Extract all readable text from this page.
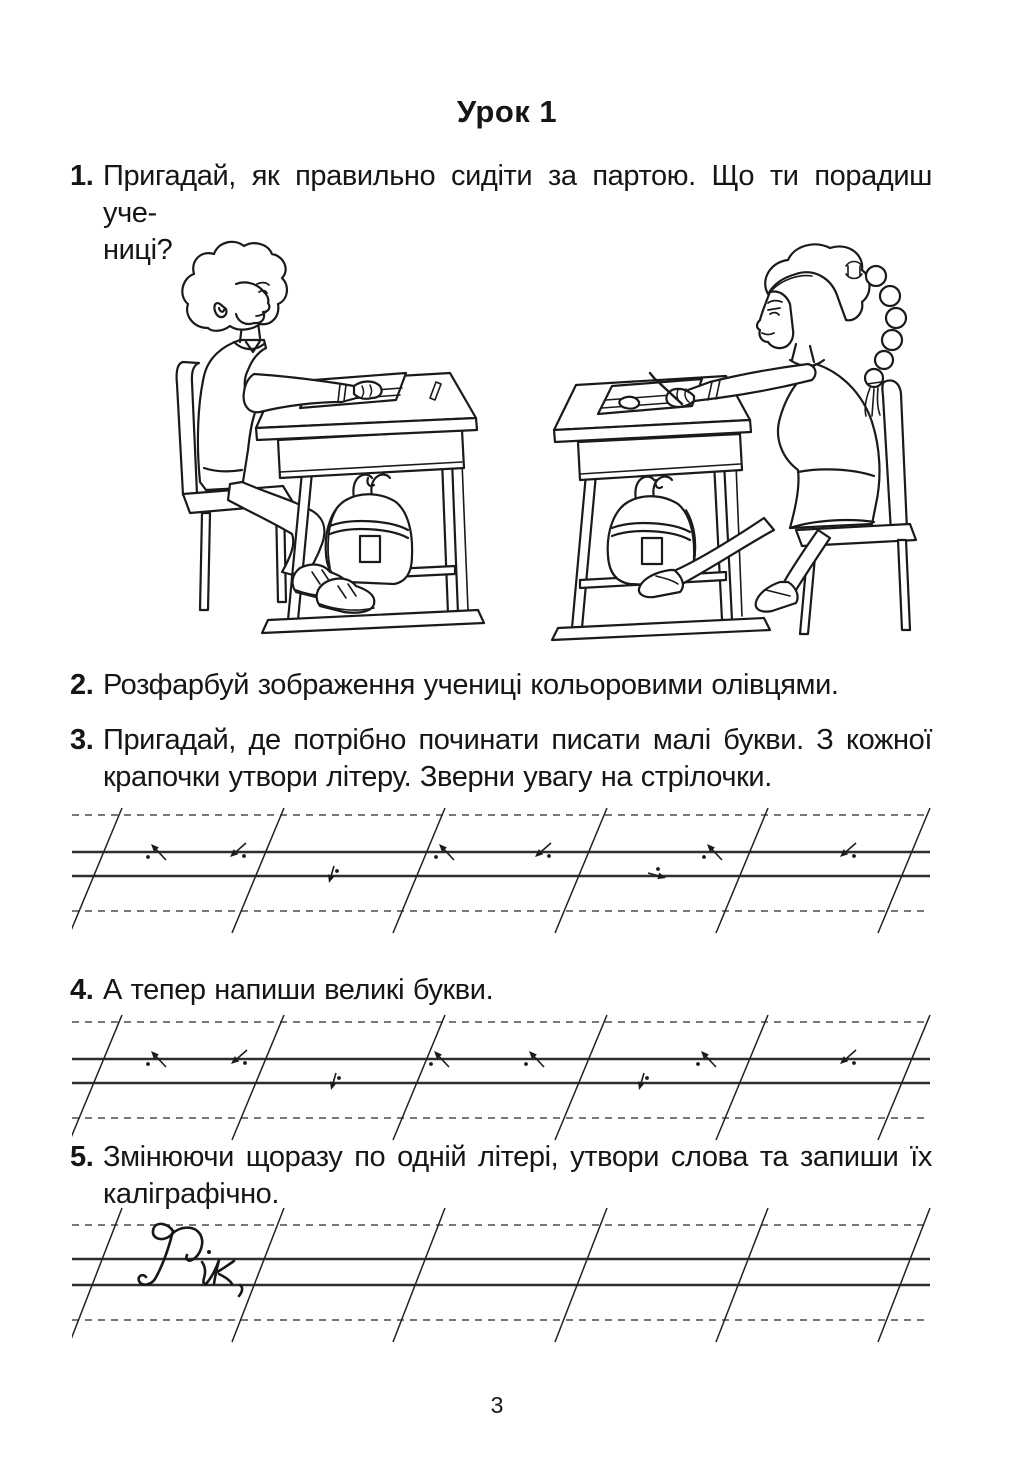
Урок 1
1. Пригадай, як правильно сидіти за партою. Що ти порадиш уче-
ниці?
2. Розфарбуй зображення учениці кольоровими олівцями.
3. Пригадай, де потрібно починати писати малі букви. З кожної
крапочки утвори літеру. Зверни увагу на стрілочки.
4. А тепер напиши великі букви.
5. Змінюючи щоразу по одній літері, утвори слова та запиши їх
каліграфічно.
3
